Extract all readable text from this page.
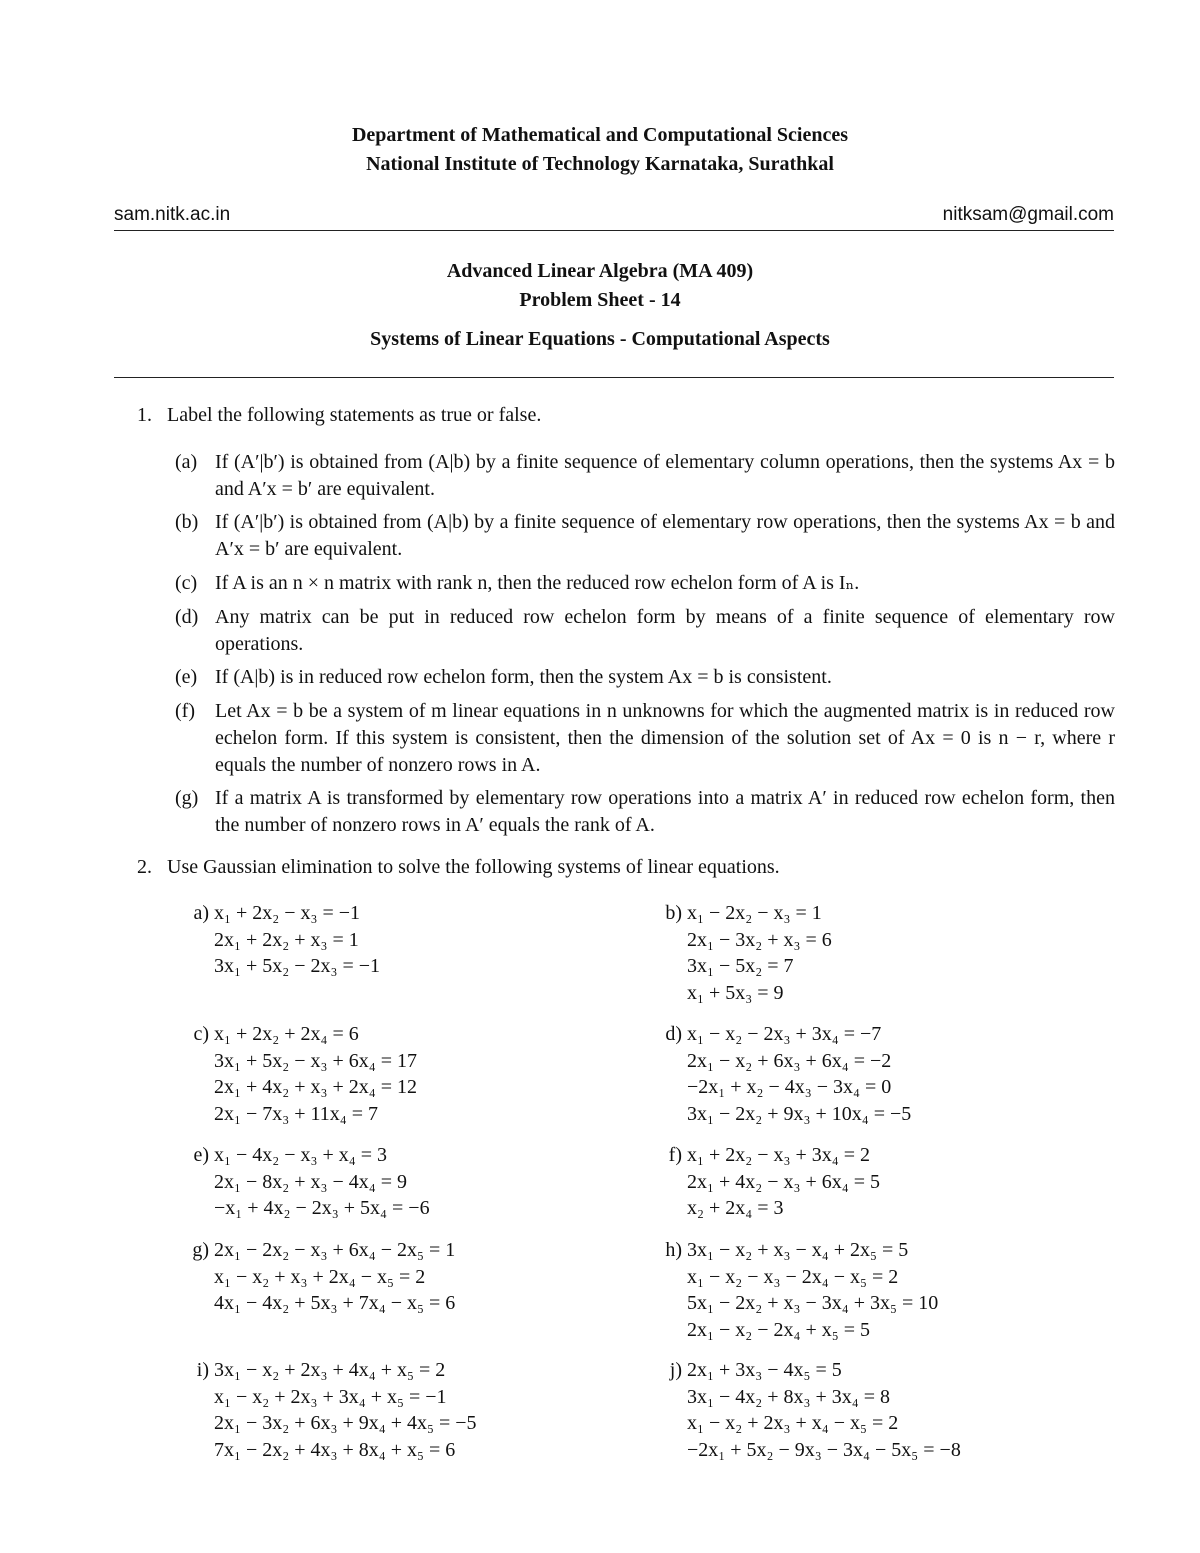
Department of Mathematical and Computational Sciences
National Institute of Technology Karnataka, Surathkal
sam.nitk.ac.in	nitksam@gmail.com
Advanced Linear Algebra (MA 409)
Problem Sheet - 14
Systems of Linear Equations - Computational Aspects
1. Label the following statements as true or false.
(a) If (A′|b′) is obtained from (A|b) by a finite sequence of elementary column operations, then the systems Ax = b and A′x = b′ are equivalent.
(b) If (A′|b′) is obtained from (A|b) by a finite sequence of elementary row operations, then the systems Ax = b and A′x = b′ are equivalent.
(c) If A is an n × n matrix with rank n, then the reduced row echelon form of A is Iₙ.
(d) Any matrix can be put in reduced row echelon form by means of a finite sequence of elementary row operations.
(e) If (A|b) is in reduced row echelon form, then the system Ax = b is consistent.
(f)	Let Ax = b be a system of m linear equations in n unknowns for which the augmented matrix is in reduced row echelon form. If this system is consistent, then the dimension of the solution set of Ax = 0 is n − r, where r equals the number of nonzero rows in A.
(g) If a matrix A is transformed by elementary row operations into a matrix A′ in reduced row echelon form, then the number of nonzero rows in A′ equals the rank of A.
2. Use Gaussian elimination to solve the following systems of linear equations.
a) x₁ + 2x₂ − x₃ = −1
2x₁ + 2x₂ + x₃ = 1
3x₁ + 5x₂ − 2x₃ = −1
b) x₁ − 2x₂ − x₃ = 1
2x₁ − 3x₂ + x₃ = 6
3x₁ − 5x₂ = 7
x₁ + 5x₃ = 9
c) x₁ + 2x₂ + 2x₄ = 6
3x₁ + 5x₂ − x₃ + 6x₄ = 17
2x₁ + 4x₂ + x₃ + 2x₄ = 12
2x₁ − 7x₃ + 11x₄ = 7
d) x₁ − x₂ − 2x₃ + 3x₄ = −7
2x₁ − x₂ + 6x₃ + 6x₄ = −2
−2x₁ + x₂ − 4x₃ − 3x₄ = 0
3x₁ − 2x₂ + 9x₃ + 10x₄ = −5
e) x₁ − 4x₂ − x₃ + x₄ = 3
2x₁ − 8x₂ + x₃ − 4x₄ = 9
−x₁ + 4x₂ − 2x₃ + 5x₄ = −6
f) x₁ + 2x₂ − x₃ + 3x₄ = 2
2x₁ + 4x₂ − x₃ + 6x₄ = 5
x₂ + 2x₄ = 3
g) 2x₁ − 2x₂ − x₃ + 6x₄ − 2x₅ = 1
x₁ − x₂ + x₃ + 2x₄ − x₅ = 2
4x₁ − 4x₂ + 5x₃ + 7x₄ − x₅ = 6
h) 3x₁ − x₂ + x₃ − x₄ + 2x₅ = 5
x₁ − x₂ − x₃ − 2x₄ − x₅ = 2
5x₁ − 2x₂ + x₃ − 3x₄ + 3x₅ = 10
2x₁ − x₂ − 2x₄ + x₅ = 5
i) 3x₁ − x₂ + 2x₃ + 4x₄ + x₅ = 2
x₁ − x₂ + 2x₃ + 3x₄ + x₅ = −1
2x₁ − 3x₂ + 6x₃ + 9x₄ + 4x₅ = −5
7x₁ − 2x₂ + 4x₃ + 8x₄ + x₅ = 6
j) 2x₁ + 3x₃ − 4x₅ = 5
3x₁ − 4x₂ + 8x₃ + 3x₄ = 8
x₁ − x₂ + 2x₃ + x₄ − x₅ = 2
−2x₁ + 5x₂ − 9x₃ − 3x₄ − 5x₅ = −8
